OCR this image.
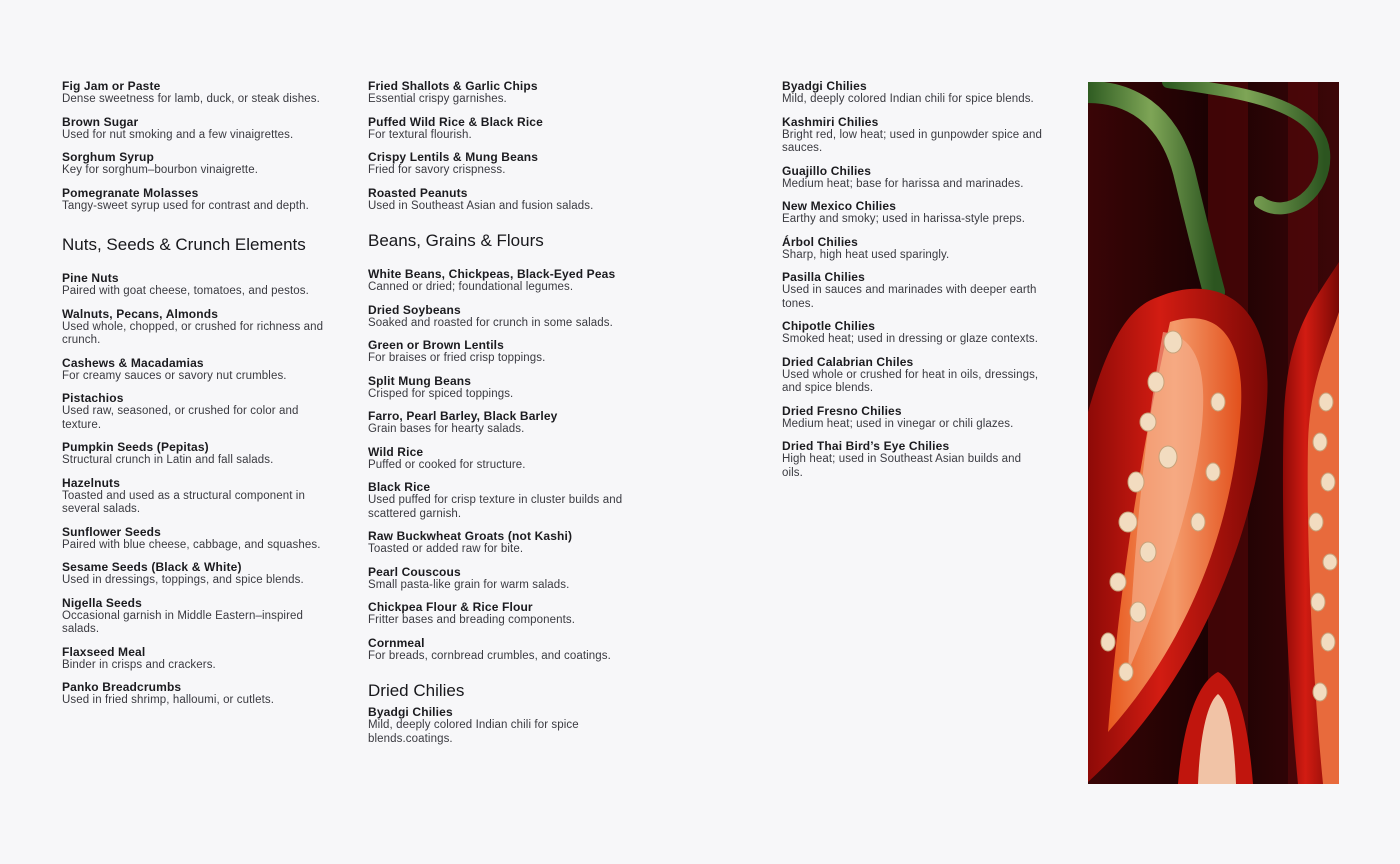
Fig Jam or Paste
Dense sweetness for lamb, duck, or steak dishes.
Brown Sugar
Used for nut smoking and a few vinaigrettes.
Sorghum Syrup
Key for sorghum–bourbon vinaigrette.
Pomegranate Molasses
Tangy-sweet syrup used for contrast and depth.
Nuts, Seeds & Crunch Elements
Pine Nuts
Paired with goat cheese, tomatoes, and pestos.
Walnuts, Pecans, Almonds
Used whole, chopped, or crushed for richness and crunch.
Cashews & Macadamias
For creamy sauces or savory nut crumbles.
Pistachios
Used raw, seasoned, or crushed for color and texture.
Pumpkin Seeds (Pepitas)
Structural crunch in Latin and fall salads.
Hazelnuts
Toasted and used as a structural component in several salads.
Sunflower Seeds
Paired with blue cheese, cabbage, and squashes.
Sesame Seeds (Black & White)
Used in dressings, toppings, and spice blends.
Nigella Seeds
Occasional garnish in Middle Eastern–inspired salads.
Flaxseed Meal
Binder in crisps and crackers.
Panko Breadcrumbs
Used in fried shrimp, halloumi, or cutlets.
Fried Shallots & Garlic Chips
Essential crispy garnishes.
Puffed Wild Rice & Black Rice
For textural flourish.
Crispy Lentils & Mung Beans
Fried for savory crispness.
Roasted Peanuts
Used in Southeast Asian and fusion salads.
Beans, Grains & Flours
White Beans, Chickpeas, Black-Eyed Peas
Canned or dried; foundational legumes.
Dried Soybeans
Soaked and roasted for crunch in some salads.
Green or Brown Lentils
For braises or fried crisp toppings.
Split Mung Beans
Crisped for spiced toppings.
Farro, Pearl Barley, Black Barley
Grain bases for hearty salads.
Wild Rice
Puffed or cooked for structure.
Black Rice
Used puffed for crisp texture in cluster builds and scattered garnish.
Raw Buckwheat Groats (not Kashi)
Toasted or added raw for bite.
Pearl Couscous
Small pasta-like grain for warm salads.
Chickpea Flour & Rice Flour
Fritter bases and breading components.
Cornmeal
For breads, cornbread crumbles, and coatings.
Dried Chilies
Byadgi Chilies
Mild, deeply colored Indian chili for spice blends.coatings.
Byadgi Chilies
Mild, deeply colored Indian chili for spice blends.
Kashmiri Chilies
Bright red, low heat; used in gunpowder spice and sauces.
Guajillo Chilies
Medium heat; base for harissa and marinades.
New Mexico Chilies
Earthy and smoky; used in harissa-style preps.
Árbol Chilies
Sharp, high heat used sparingly.
Pasilla Chilies
Used in sauces and marinades with deeper earth tones.
Chipotle Chilies
Smoked heat; used in dressing or glaze contexts.
Dried Calabrian Chiles
Used whole or crushed for heat in oils, dressings, and spice blends.
Dried Fresno Chilies
Medium heat; used in vinegar or chili glazes.
Dried Thai Bird’s Eye Chilies
High heat; used in Southeast Asian builds and oils.
